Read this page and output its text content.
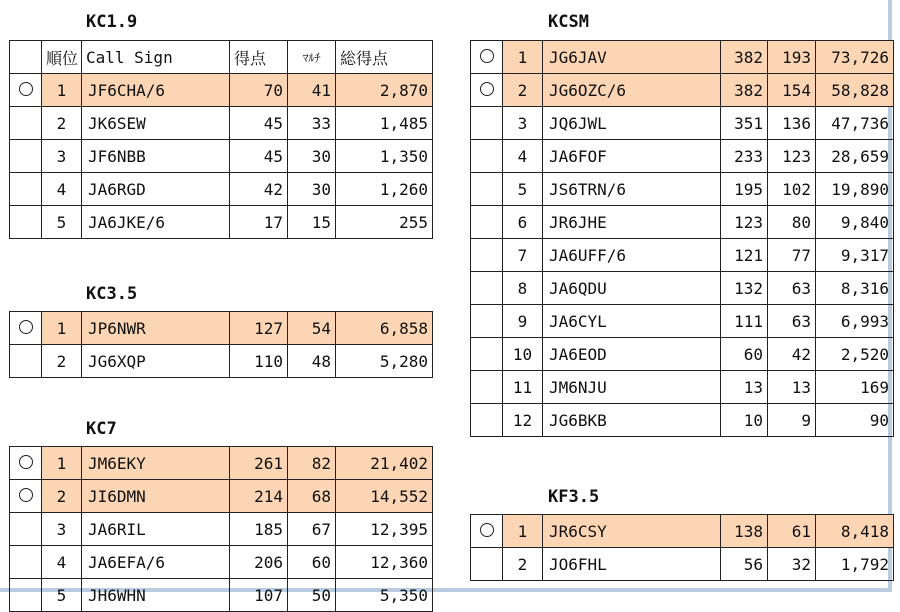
KC1.9
	順位	Call Sign	得点	ﾏﾙﾁ	総得点
	1	JF6CHA/6	70	41	2,870
	2	JK6SEW	45	33	1,485
	3	JF6NBB	45	30	1,350
	4	JA6RGD	42	30	1,260
	5	JA6JKE/6	17	15	255
KC3.5
	1	JP6NWR	127	54	6,858
	2	JG6XQP	110	48	5,280
KC7
	1	JM6EKY	261	82	21,402
	2	JI6DMN	214	68	14,552
	3	JA6RIL	185	67	12,395
	4	JA6EFA/6	206	60	12,360
	5	JH6WHN	107	50	5,350
KCSM
	1	JG6JAV	382	193	73,726
	2	JG6OZC/6	382	154	58,828
	3	JQ6JWL	351	136	47,736
	4	JA6FOF	233	123	28,659
	5	JS6TRN/6	195	102	19,890
	6	JR6JHE	123	80	9,840
	7	JA6UFF/6	121	77	9,317
	8	JA6QDU	132	63	8,316
	9	JA6CYL	111	63	6,993
	10	JA6EOD	60	42	2,520
	11	JM6NJU	13	13	169
	12	JG6BKB	10	9	90
KF3.5
	1	JR6CSY	138	61	8,418
	2	JO6FHL	56	32	1,792
